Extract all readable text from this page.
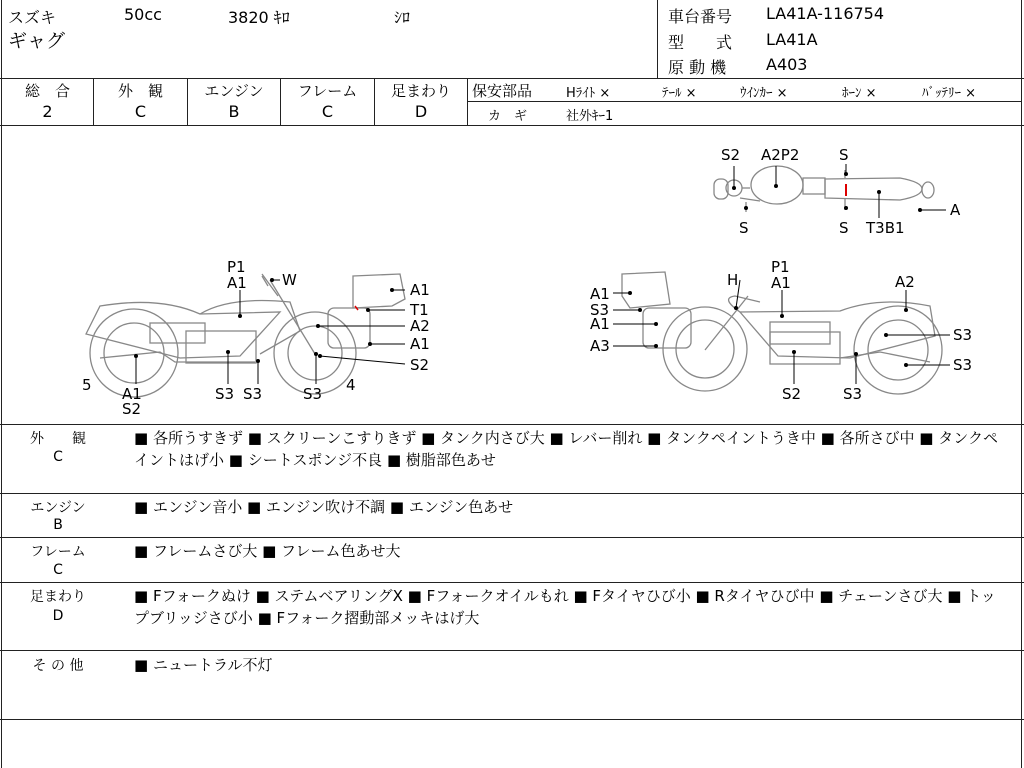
スズキ
ギャグ
50cc	3820 ｷﾛ	ｼﾛ	車台番号 LA41A-116754
型　　式 LA41A
原 動 機 A403
総　合
2
外　観
C
エンジン
B
フレーム
C
足まわり
D
保安部品	Hﾗｲﾄ ×	ﾃｰﾙ ×	ｳｲﾝｶｰ ×	ﾎｰﾝ ×	ﾊﾞｯﾃﾘｰ ×
カ　ギ	社外ｷｰ1
S2 A2P2	S
S	S T3B1
A
P1
A1 W
A1
T1
A2
A1
S2
5	4
A1
S2
S3 S3	S3
H
P1
A1
A1
S3
A1
A3
A2
S3
S3
S2	S3
外　　観
C
■ 各所うすきず ■ スクリーンこすりきず ■ タンク内さび大 ■ レバー削れ ■ タンクペイントうき中 ■ 各所さび中 ■ タンクペイントはげ小 ■ シートスポンジ不良 ■ 樹脂部色あせ
エンジン
B
■ エンジン音小 ■ エンジン吹け不調 ■ エンジン色あせ
フレーム
C
■ フレームさび大 ■ フレーム色あせ大
足まわり
D
■ Fフォークぬけ ■ ステムベアリングX ■ Fフォークオイルもれ ■ Fタイヤひび小 ■ Rタイヤひび中 ■ チェーンさび大 ■ トップブリッジさび小 ■ Fフォーク摺動部メッキはげ大
そ の 他	■ ニュートラル不灯
